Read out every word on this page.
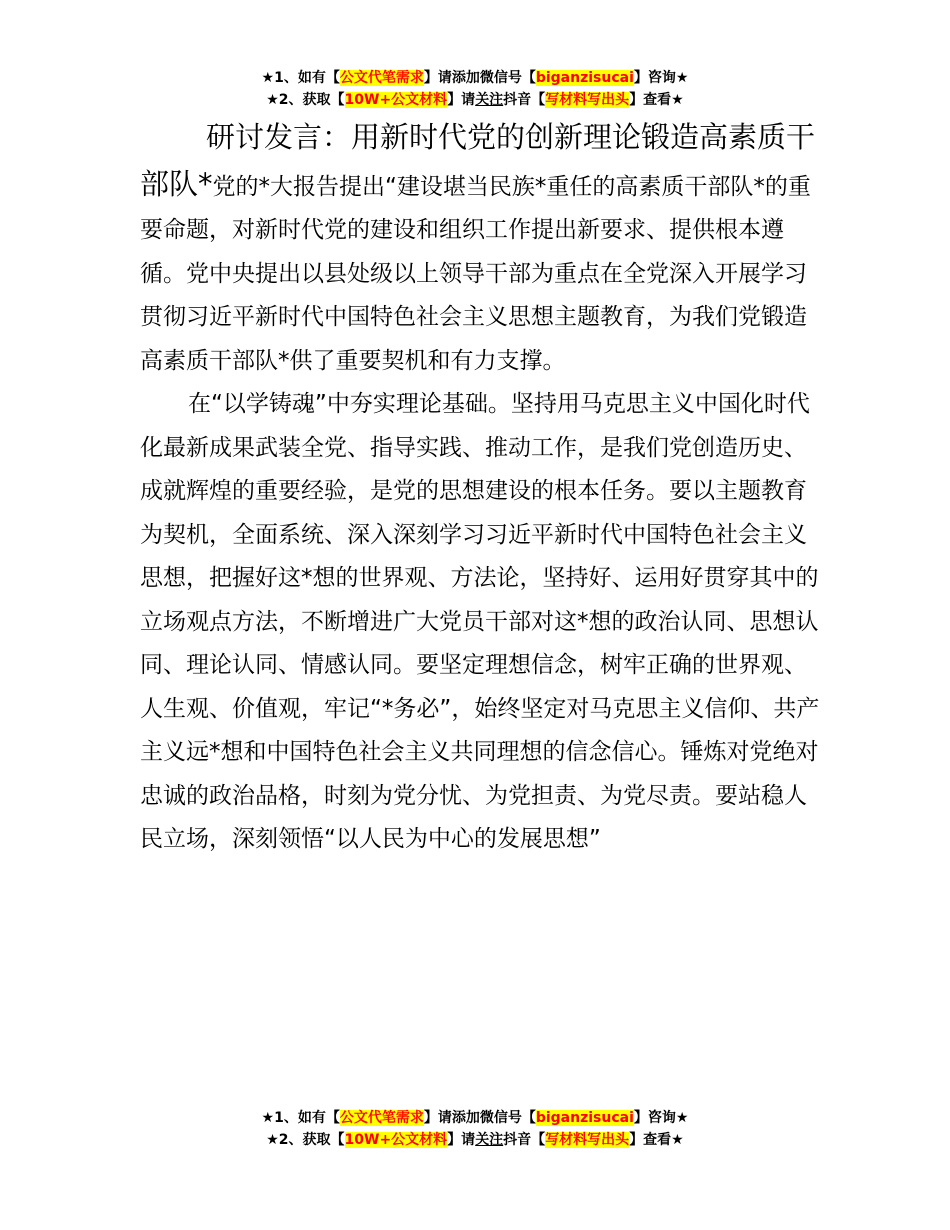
★1、如有【公文代笔需求】请添加微信号【biganzisucai】咨询★
★2、获取【10W+公文材料】请关注抖音【写材料写出头】查看★

研讨发言：用新时代党的创新理论锻造高素质干部队*党的*大报告提出“建设堪当民族*重任的高素质干部队*的重要命题，对新时代党的建设和组织工作提出新要求、提供根本遵循。党中央提出以县处级以上领导干部为重点在全党深入开展学习贯彻习近平新时代中国特色社会主义思想主题教育，为我们党锻造高素质干部队*供了重要契机和有力支撑。

在“以学铸魂”中夯实理论基础。坚持用马克思主义中国化时代化最新成果武装全党、指导实践、推动工作，是我们党创造历史、成就辉煌的重要经验，是党的思想建设的根本任务。要以主题教育为契机，全面系统、深入深刻学习习近平新时代中国特色社会主义思想，把握好这*想的世界观、方法论，坚持好、运用好贯穿其中的立场观点方法，不断增进广大党员干部对这*想的政治认同、思想认同、理论认同、情感认同。要坚定理想信念，树牢正确的世界观、人生观、价值观，牢记“*务必”，始终坚定对马克思主义信仰、共产主义远*想和中国特色社会主义共同理想的信念信心。锤炼对党绝对忠诚的政治品格，时刻为党分忧、为党担责、为党尽责。要站稳人民立场，深刻领悟“以人民为中心的发展思想”

★1、如有【公文代笔需求】请添加微信号【biganzisucai】咨询★
★2、获取【10W+公文材料】请关注抖音【写材料写出头】查看★
